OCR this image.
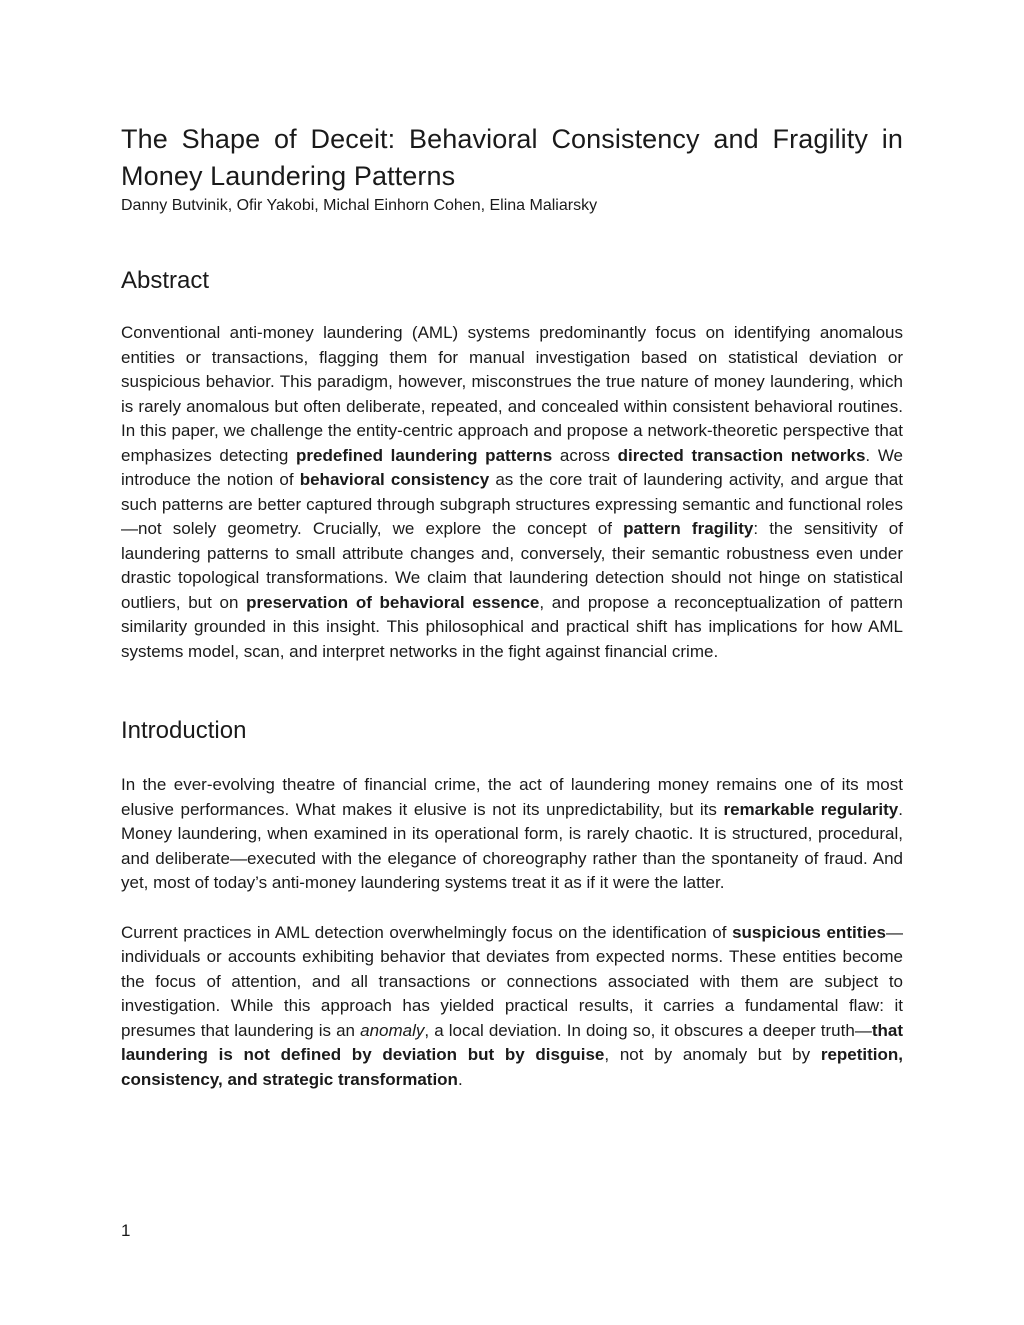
The Shape of Deceit: Behavioral Consistency and Fragility in Money Laundering Patterns

Danny Butvinik, Ofir Yakobi, Michal Einhorn Cohen, Elina Maliarsky

Abstract

Conventional anti-money laundering (AML) systems predominantly focus on identifying anomalous entities or transactions, flagging them for manual investigation based on statistical deviation or suspicious behavior. This paradigm, however, misconstrues the true nature of money laundering, which is rarely anomalous but often deliberate, repeated, and concealed within consistent behavioral routines. In this paper, we challenge the entity-centric approach and propose a network-theoretic perspective that emphasizes detecting predefined laundering patterns across directed transaction networks. We introduce the notion of behavioral consistency as the core trait of laundering activity, and argue that such patterns are better captured through subgraph structures expressing semantic and functional roles—not solely geometry. Crucially, we explore the concept of pattern fragility: the sensitivity of laundering patterns to small attribute changes and, conversely, their semantic robustness even under drastic topological transformations. We claim that laundering detection should not hinge on statistical outliers, but on preservation of behavioral essence, and propose a reconceptualization of pattern similarity grounded in this insight. This philosophical and practical shift has implications for how AML systems model, scan, and interpret networks in the fight against financial crime.

Introduction

In the ever-evolving theatre of financial crime, the act of laundering money remains one of its most elusive performances. What makes it elusive is not its unpredictability, but its remarkable regularity. Money laundering, when examined in its operational form, is rarely chaotic. It is structured, procedural, and deliberate—executed with the elegance of choreography rather than the spontaneity of fraud. And yet, most of today’s anti-money laundering systems treat it as if it were the latter.

Current practices in AML detection overwhelmingly focus on the identification of suspicious entities—individuals or accounts exhibiting behavior that deviates from expected norms. These entities become the focus of attention, and all transactions or connections associated with them are subject to investigation. While this approach has yielded practical results, it carries a fundamental flaw: it presumes that laundering is an anomaly, a local deviation. In doing so, it obscures a deeper truth—that laundering is not defined by deviation but by disguise, not by anomaly but by repetition, consistency, and strategic transformation.

1
